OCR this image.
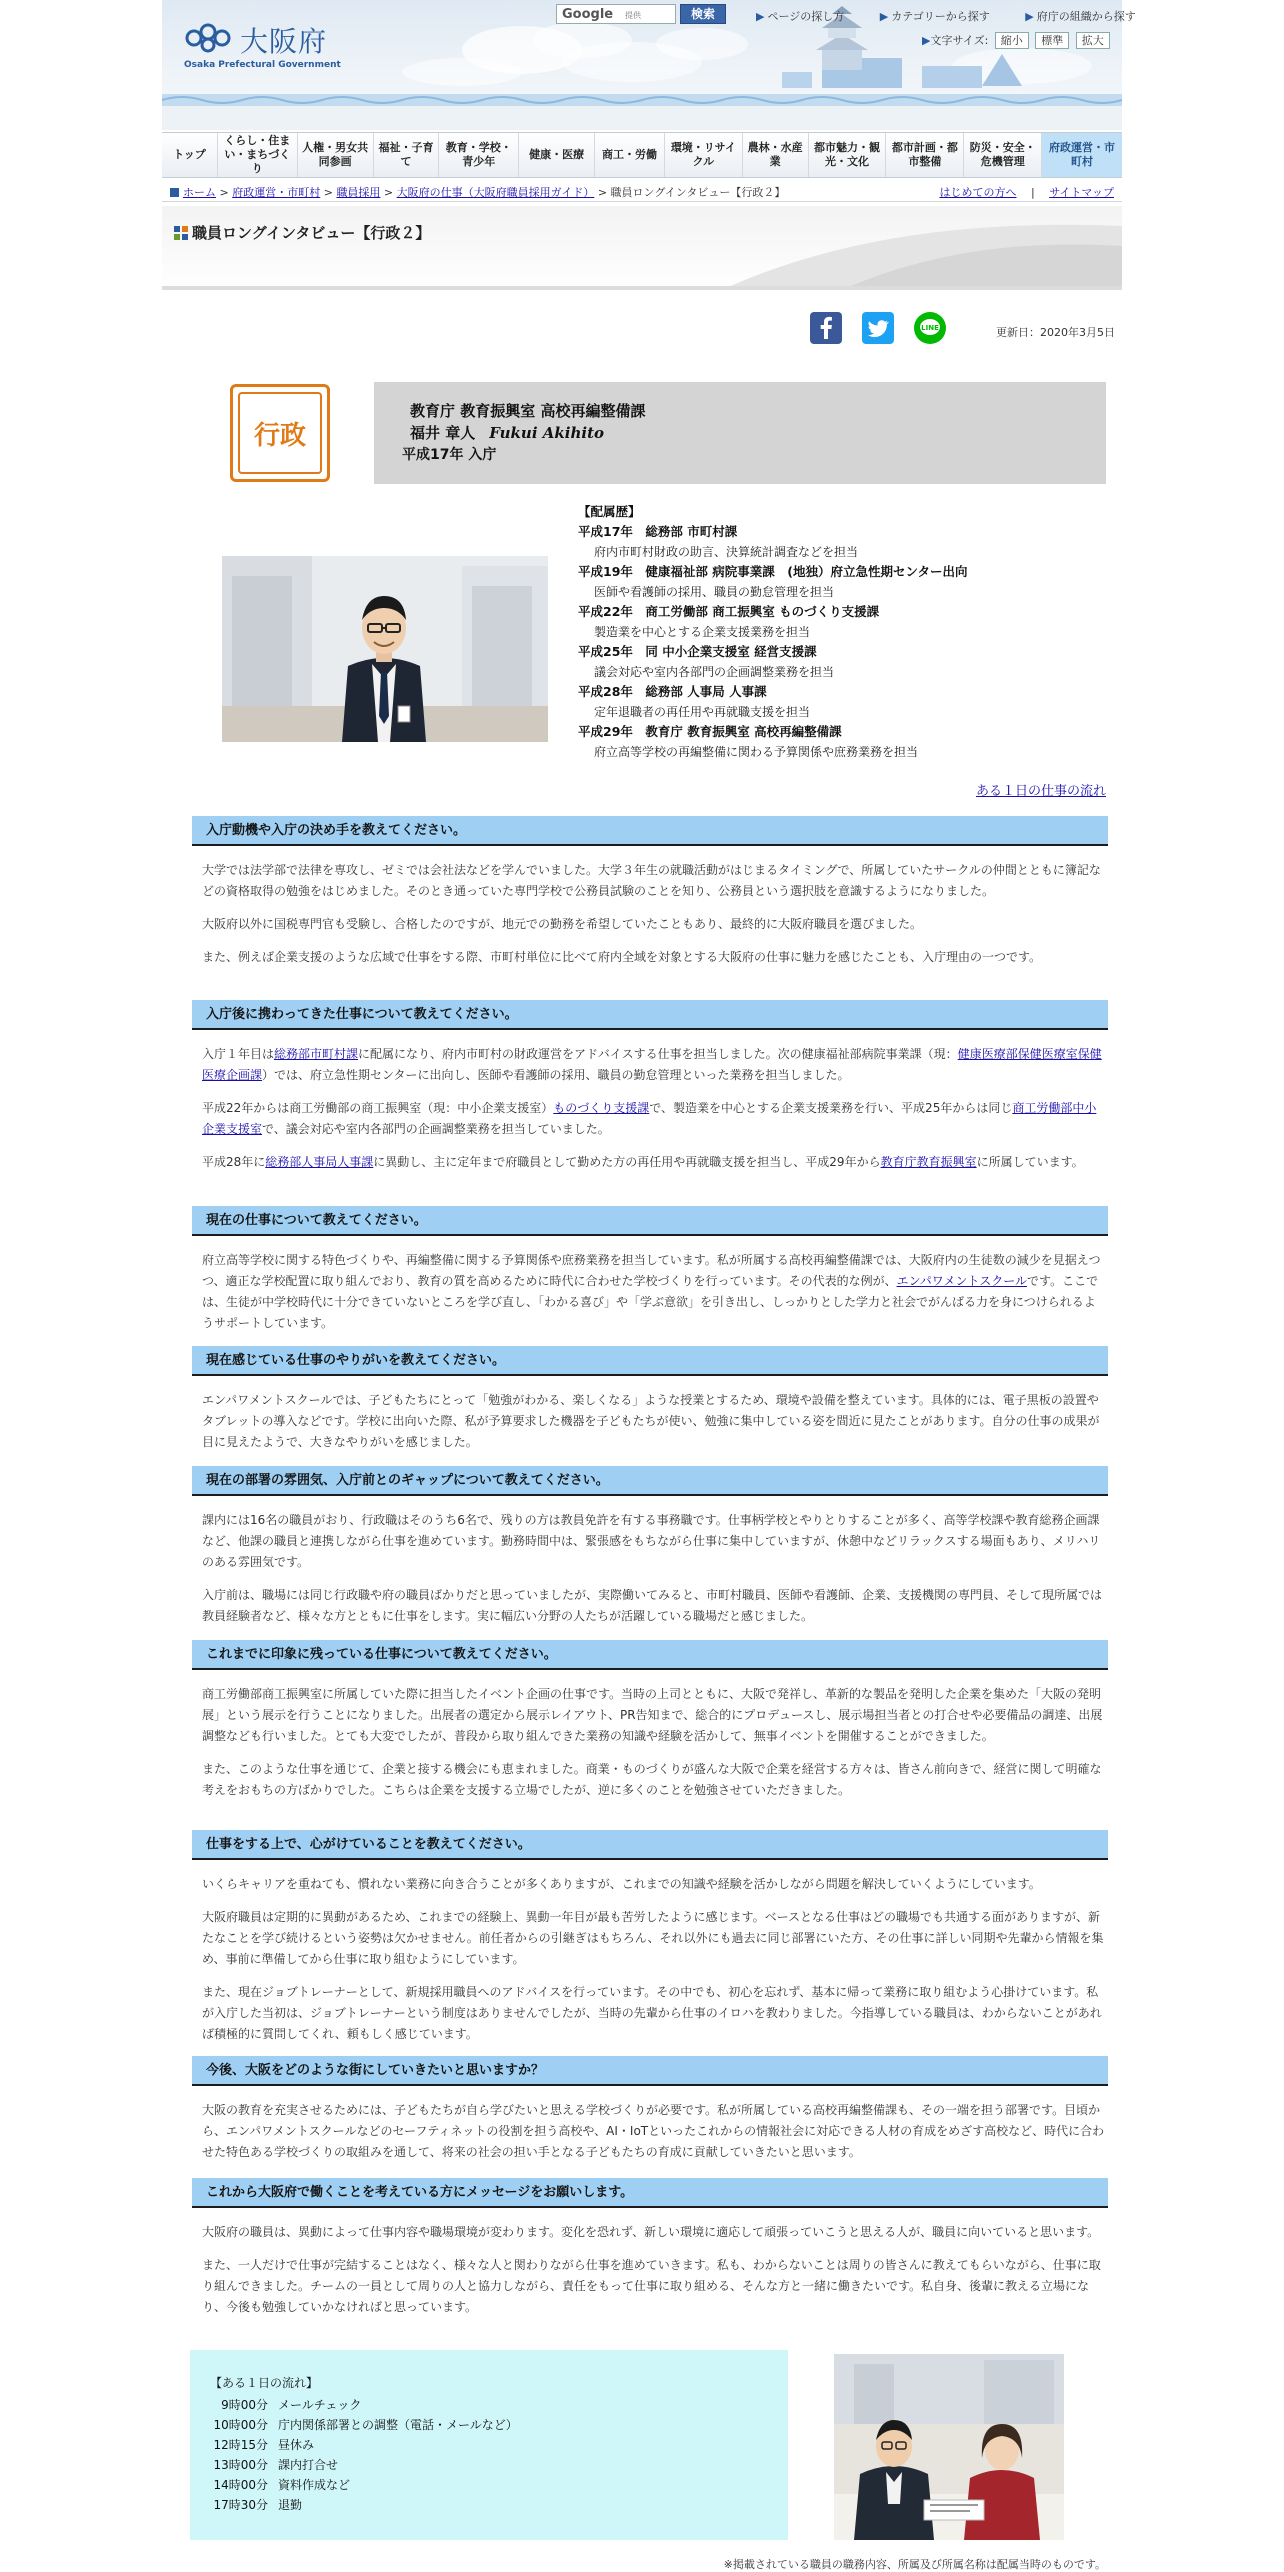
大阪府
Osaka Prefectural Government
Google 提供	検索	▶ ページの探し方	▶ カテゴリーから探す	▶ 府庁の組織から探す
▶文字サイズ: 縮小 標準 拡大
トップ
くらし・住まい・まちづくり
人権・男女共同参画
福祉・子育て
教育・学校・青少年
健康・医療	商工・労働
環境・リサイクル
農林・水産業
都市魅力・観光・文化
都市計画・都市整備
防災・安全・危機管理
府政運営・市町村
ホーム > 府政運営・市町村 > 職員採用 > 大阪府の仕事（大阪府職員採用ガイド） > 職員ロングインタビュー【行政２】	はじめての方へ 　|　 サイトマップ
職員ロングインタビュー【行政２】
LINE	更新日：2020年3月5日
行政
教育庁 教育振興室 高校再編整備課
福井 章人 Fukui Akihito
平成17年 入庁
【配属歴】
平成17年　総務部 市町村課
府内市町村財政の助言、決算統計調査などを担当
平成19年　健康福祉部 病院事業課　(地独）府立急性期センター出向
医師や看護師の採用、職員の勤怠管理を担当
平成22年　商工労働部 商工振興室 ものづくり支援課
製造業を中心とする企業支援業務を担当
平成25年　同 中小企業支援室 経営支援課
議会対応や室内各部門の企画調整業務を担当
平成28年　総務部 人事局 人事課
定年退職者の再任用や再就職支援を担当
平成29年　教育庁 教育振興室 高校再編整備課
府立高等学校の再編整備に関わる予算関係や庶務業務を担当
ある１日の仕事の流れ
入庁動機や入庁の決め手を教えてください。

大学では法学部で法律を専攻し、ゼミでは会社法などを学んでいました。大学３年生の就職活動がはじまるタイミングで、所属していたサークルの仲間とともに簿記などの資格取得の勉強をはじめました。そのとき通っていた専門学校で公務員試験のことを知り、公務員という選択肢を意識するようになりました。

大阪府以外に国税専門官も受験し、合格したのですが、地元での勤務を希望していたこともあり、最終的に大阪府職員を選びました。

また、例えば企業支援のような広域で仕事をする際、市町村単位に比べて府内全域を対象とする大阪府の仕事に魅力を感じたことも、入庁理由の一つです。

入庁後に携わってきた仕事について教えてください。

入庁１年目は総務部市町村課に配属になり、府内市町村の財政運営をアドバイスする仕事を担当しました。次の健康福祉部病院事業課（現：健康医療部保健医療室保健医療企画課）では、府立急性期センターに出向し、医師や看護師の採用、職員の勤怠管理といった業務を担当しました。

平成22年からは商工労働部の商工振興室（現：中小企業支援室）ものづくり支援課で、製造業を中心とする企業支援業務を行い、平成25年からは同じ商工労働部中小企業支援室で、議会対応や室内各部門の企画調整業務を担当していました。

平成28年に総務部人事局人事課に異動し、主に定年まで府職員として勤めた方の再任用や再就職支援を担当し、平成29年から教育庁教育振興室に所属しています。

現在の仕事について教えてください。

府立高等学校に関する特色づくりや、再編整備に関する予算関係や庶務業務を担当しています。私が所属する高校再編整備課では、大阪府内の生徒数の減少を見据えつつ、適正な学校配置に取り組んでおり、教育の質を高めるために時代に合わせた学校づくりを行っています。その代表的な例が、エンパワメントスクールです。ここでは、生徒が中学校時代に十分できていないところを学び直し、「わかる喜び」や「学ぶ意欲」を引き出し、しっかりとした学力と社会でがんばる力を身につけられるようサポートしています。

現在感じている仕事のやりがいを教えてください。

エンパワメントスクールでは、子どもたちにとって「勉強がわかる、楽しくなる」ような授業とするため、環境や設備を整えています。具体的には、電子黒板の設置やタブレットの導入などです。学校に出向いた際、私が予算要求した機器を子どもたちが使い、勉強に集中している姿を間近に見たことがあります。自分の仕事の成果が目に見えたようで、大きなやりがいを感じました。

現在の部署の雰囲気、入庁前とのギャップについて教えてください。

課内には16名の職員がおり、行政職はそのうち6名で、残りの方は教員免許を有する事務職です。仕事柄学校とやりとりすることが多く、高等学校課や教育総務企画課など、他課の職員と連携しながら仕事を進めています。勤務時間中は、緊張感をもちながら仕事に集中していますが、休憩中などリラックスする場面もあり、メリハリのある雰囲気です。

入庁前は、職場には同じ行政職や府の職員ばかりだと思っていましたが、実際働いてみると、市町村職員、医師や看護師、企業、支援機関の専門員、そして現所属では教員経験者など、様々な方とともに仕事をします。実に幅広い分野の人たちが活躍している職場だと感じました。

これまでに印象に残っている仕事について教えてください。

商工労働部商工振興室に所属していた際に担当したイベント企画の仕事です。当時の上司とともに、大阪で発祥し、革新的な製品を発明した企業を集めた「大阪の発明展」という展示を行うことになりました。出展者の選定から展示レイアウト、PR告知まで、総合的にプロデュースし、展示場担当者との打合せや必要備品の調達、出展調整なども行いました。とても大変でしたが、普段から取り組んできた業務の知識や経験を活かして、無事イベントを開催することができました。

また、このような仕事を通じて、企業と接する機会にも恵まれました。商業・ものづくりが盛んな大阪で企業を経営する方々は、皆さん前向きで、経営に関して明確な考えをおもちの方ばかりでした。こちらは企業を支援する立場でしたが、逆に多くのことを勉強させていただきました。

仕事をする上で、心がけていることを教えてください。

いくらキャリアを重ねても、慣れない業務に向き合うことが多くありますが、これまでの知識や経験を活かしながら問題を解決していくようにしています。

大阪府職員は定期的に異動があるため、これまでの経験上、異動一年目が最も苦労したように感じます。ベースとなる仕事はどの職場でも共通する面がありますが、新たなことを学び続けるという姿勢は欠かせません。前任者からの引継ぎはもちろん、それ以外にも過去に同じ部署にいた方、その仕事に詳しい同期や先輩から情報を集め、事前に準備してから仕事に取り組むようにしています。

また、現在ジョブトレーナーとして、新規採用職員へのアドバイスを行っています。その中でも、初心を忘れず、基本に帰って業務に取り組むよう心掛けています。私が入庁した当初は、ジョブトレーナーという制度はありませんでしたが、当時の先輩から仕事のイロハを教わりました。今指導している職員は、わからないことがあれば積極的に質問してくれ、頼もしく感じています。

今後、大阪をどのような街にしていきたいと思いますか？

大阪の教育を充実させるためには、子どもたちが自ら学びたいと思える学校づくりが必要です。私が所属している高校再編整備課も、その一端を担う部署です。目頃から、エンパワメントスクールなどのセーフティネットの役割を担う高校や、AI・IoTといったこれからの情報社会に対応できる人材の育成をめざす高校など、時代に合わせた特色ある学校づくりの取組みを通して、将来の社会の担い手となる子どもたちの育成に貢献していきたいと思います。

これから大阪府で働くことを考えている方にメッセージをお願いします。

大阪府の職員は、異動によって仕事内容や職場環境が変わります。変化を恐れず、新しい環境に適応して頑張っていこうと思える人が、職員に向いていると思います。

また、一人だけで仕事が完結することはなく、様々な人と関わりながら仕事を進めていきます。私も、わからないことは周りの皆さんに教えてもらいながら、仕事に取り組んできました。チームの一員として周りの人と協力しながら、責任をもって仕事に取り組める、そんな方と一緒に働きたいです。私自身、後輩に教える立場になり、今後も勉強していかなければと思っています。

【ある１日の流れ】
9時00分 メールチェック
10時00分 庁内関係部署との調整（電話・メールなど）
12時15分 昼休み
13時00分 課内打合せ
14時00分 資料作成など
17時30分 退勤
※掲載されている職員の職務内容、所属及び所属名称は配属当時のものです。
